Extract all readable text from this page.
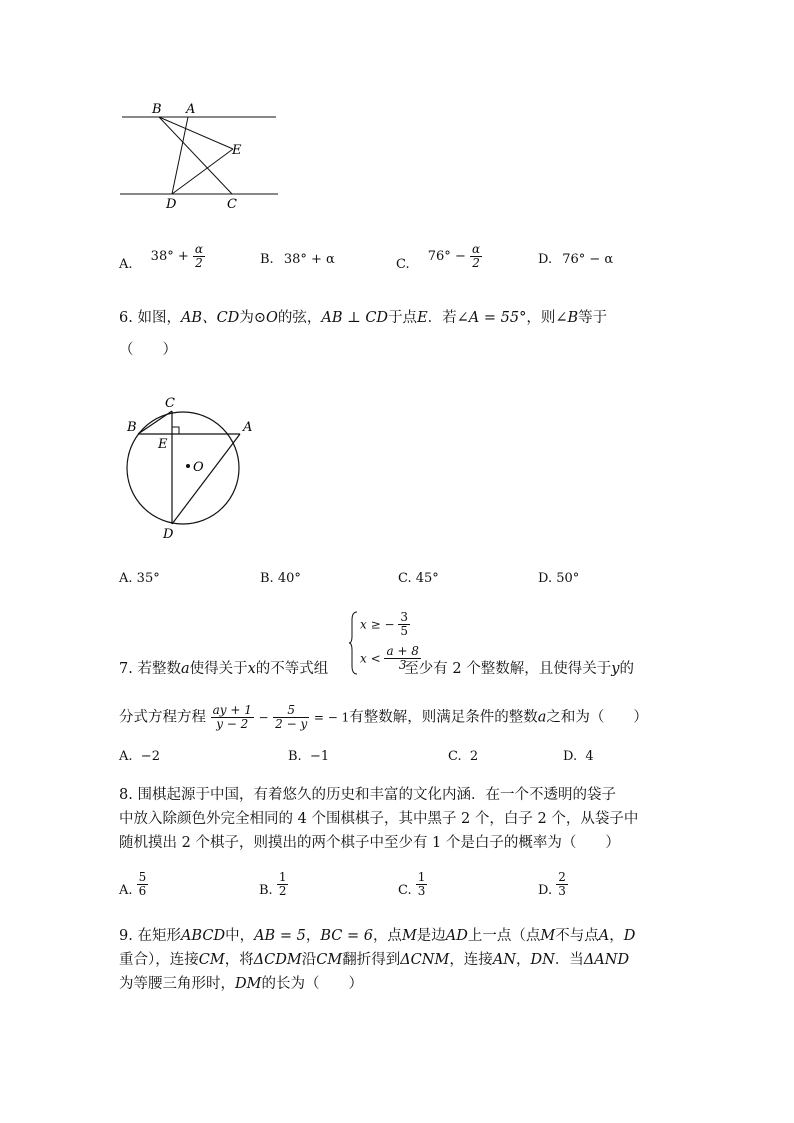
B A
E
D	C
A. $38^\circ + \frac{\alpha}{2}$	B. 38° + α	C. $76^\circ - \frac{\alpha}{2}$	D. 76° − α
6. 如图，AB、CD为⊙O的弦，AB ⊥ CD于点E．若∠A = 55°，则∠B等于
（　　）
C
B	A
E
O
D
A. 35°	B. 40°	C. 45°	D. 50°
x ≥ − $\frac{3}{5}$
$x < \frac{a + 8}{3}$
7. 若整数a使得关于x的不等式组	至少有 2 个整数解，且使得关于y的
分式方程方程 $\frac{ay + 1}{y - 2} - \frac{5}{2 - y}$ = − 1有整数解，则满足条件的整数a之和为（　　）
A. −2	B. −1	C. 2	D. 4
8. 围棋起源于中国，有着悠久的历史和丰富的文化内涵．在一个不透明的袋子
中放入除颜色外完全相同的 4 个围棋棋子，其中黑子 2 个，白子 2 个，从袋子中
随机摸出 2 个棋子，则摸出的两个棋子中至少有 1 个是白子的概率为（　　）
A. $\frac{5}{6}$	B. $\frac{1}{2}$	C. $\frac{1}{3}$	D. $\frac{2}{3}$
9. 在矩形ABCD中，AB = 5，BC = 6，点M是边AD上一点（点M不与点A，D
重合），连接CM，将ΔCDM沿CM翻折得到ΔCNM，连接AN，DN．当ΔAND
为等腰三角形时，DM的长为（　　）
